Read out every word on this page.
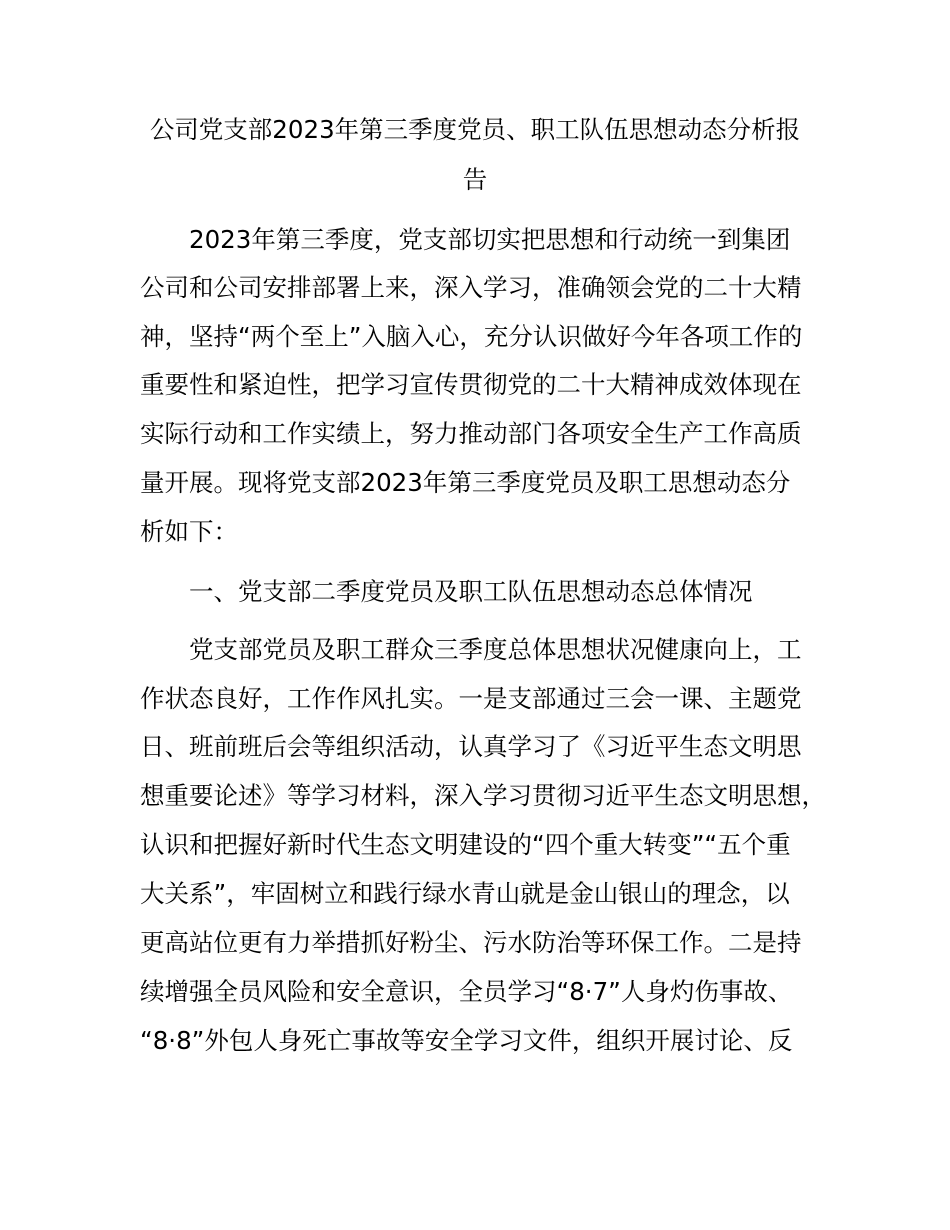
公司党支部2023年第三季度党员、职工队伍思想动态分析报
告
　　2023年第三季度，党支部切实把思想和行动统一到集团
公司和公司安排部署上来，深入学习，准确领会党的二十大精
神，坚持“两个至上”入脑入心，充分认识做好今年各项工作的
重要性和紧迫性，把学习宣传贯彻党的二十大精神成效体现在
实际行动和工作实绩上，努力推动部门各项安全生产工作高质
量开展。现将党支部2023年第三季度党员及职工思想动态分
析如下：
　　一、党支部二季度党员及职工队伍思想动态总体情况
　　党支部党员及职工群众三季度总体思想状况健康向上，工
作状态良好，工作作风扎实。一是支部通过三会一课、主题党
日、班前班后会等组织活动，认真学习了《习近平生态文明思
想重要论述》等学习材料，深入学习贯彻习近平生态文明思想，
认识和把握好新时代生态文明建设的“四个重大转变”“五个重
大关系”，牢固树立和践行绿水青山就是金山银山的理念，以
更高站位更有力举措抓好粉尘、污水防治等环保工作。二是持
续增强全员风险和安全意识，全员学习“8·7”人身灼伤事故、
“8·8”外包人身死亡事故等安全学习文件，组织开展讨论、反
